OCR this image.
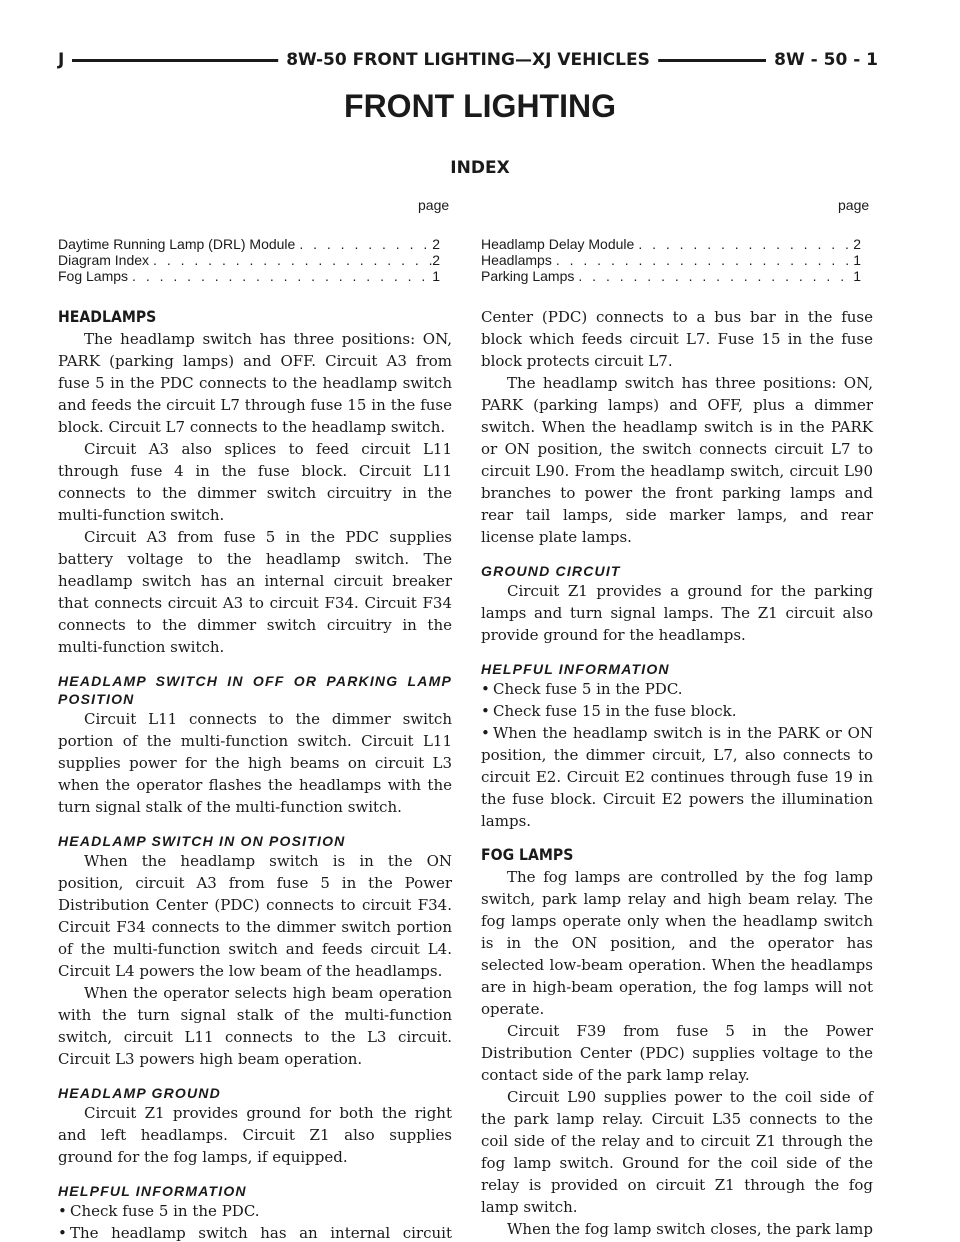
J	8W-50 FRONT LIGHTING—XJ VEHICLES	8W - 50 - 1
FRONT LIGHTING
INDEX
page	page
Daytime Running Lamp (DRL) Module . . .	2
Diagram Index . . .	2
Fog Lamps . . .	1
Headlamp Delay Module . . .	2
Headlamps . . .	1
Parking Lamps . . .	1
HEADLAMPS

The headlamp switch has three positions: ON, PARK (parking lamps) and OFF. Circuit A3 from fuse 5 in the PDC connects to the headlamp switch and feeds the circuit L7 through fuse 15 in the fuse block. Circuit L7 connects to the headlamp switch.

Circuit A3 also splices to feed circuit L11 through fuse 4 in the fuse block. Circuit L11 connects to the dimmer switch circuitry in the multi-function switch.

Circuit A3 from fuse 5 in the PDC supplies battery voltage to the headlamp switch. The headlamp switch has an internal circuit breaker that connects circuit A3 to circuit F34. Circuit F34 connects to the dimmer switch circuitry in the multi-function switch.

HEADLAMP SWITCH IN OFF OR PARKING LAMP POSITION

Circuit L11 connects to the dimmer switch portion of the multi-function switch. Circuit L11 supplies power for the high beams on circuit L3 when the operator flashes the headlamps with the turn signal stalk of the multi-function switch.

HEADLAMP SWITCH IN ON POSITION

When the headlamp switch is in the ON position, circuit A3 from fuse 5 in the Power Distribution Center (PDC) connects to circuit F34. Circuit F34 connects to the dimmer switch portion of the multi-function switch and feeds circuit L4. Circuit L4 powers the low beam of the headlamps.

When the operator selects high beam operation with the turn signal stalk of the multi-function switch, circuit L11 connects to the L3 circuit. Circuit L3 powers high beam operation.

HEADLAMP GROUND

Circuit Z1 provides ground for both the right and left headlamps. Circuit Z1 also supplies ground for the fog lamps, if equipped.

HELPFUL INFORMATION

• Check fuse 5 in the PDC.

• The headlamp switch has an internal circuit

Center (PDC) connects to a bus bar in the fuse block which feeds circuit L7. Fuse 15 in the fuse block protects circuit L7.

The headlamp switch has three positions: ON, PARK (parking lamps) and OFF, plus a dimmer switch. When the headlamp switch is in the PARK or ON position, the switch connects circuit L7 to circuit L90. From the headlamp switch, circuit L90 branches to power the front parking lamps and rear tail lamps, side marker lamps, and rear license plate lamps.

GROUND CIRCUIT

Circuit Z1 provides a ground for the parking lamps and turn signal lamps. The Z1 circuit also provide ground for the headlamps.

HELPFUL INFORMATION

• Check fuse 5 in the PDC.

• Check fuse 15 in the fuse block.

• When the headlamp switch is in the PARK or ON position, the dimmer circuit, L7, also connects to circuit E2. Circuit E2 continues through fuse 19 in the fuse block. Circuit E2 powers the illumination lamps.

FOG LAMPS

The fog lamps are controlled by the fog lamp switch, park lamp relay and high beam relay. The fog lamps operate only when the headlamp switch is in the ON position, and the operator has selected low-beam operation. When the headlamps are in high-beam operation, the fog lamps will not operate.

Circuit F39 from fuse 5 in the Power Distribution Center (PDC) supplies voltage to the contact side of the park lamp relay.

Circuit L90 supplies power to the coil side of the park lamp relay. Circuit L35 connects to the coil side of the relay and to circuit Z1 through the fog lamp switch. Ground for the coil side of the relay is provided on circuit Z1 through the fog lamp switch.

When the fog lamp switch closes, the park lamp
